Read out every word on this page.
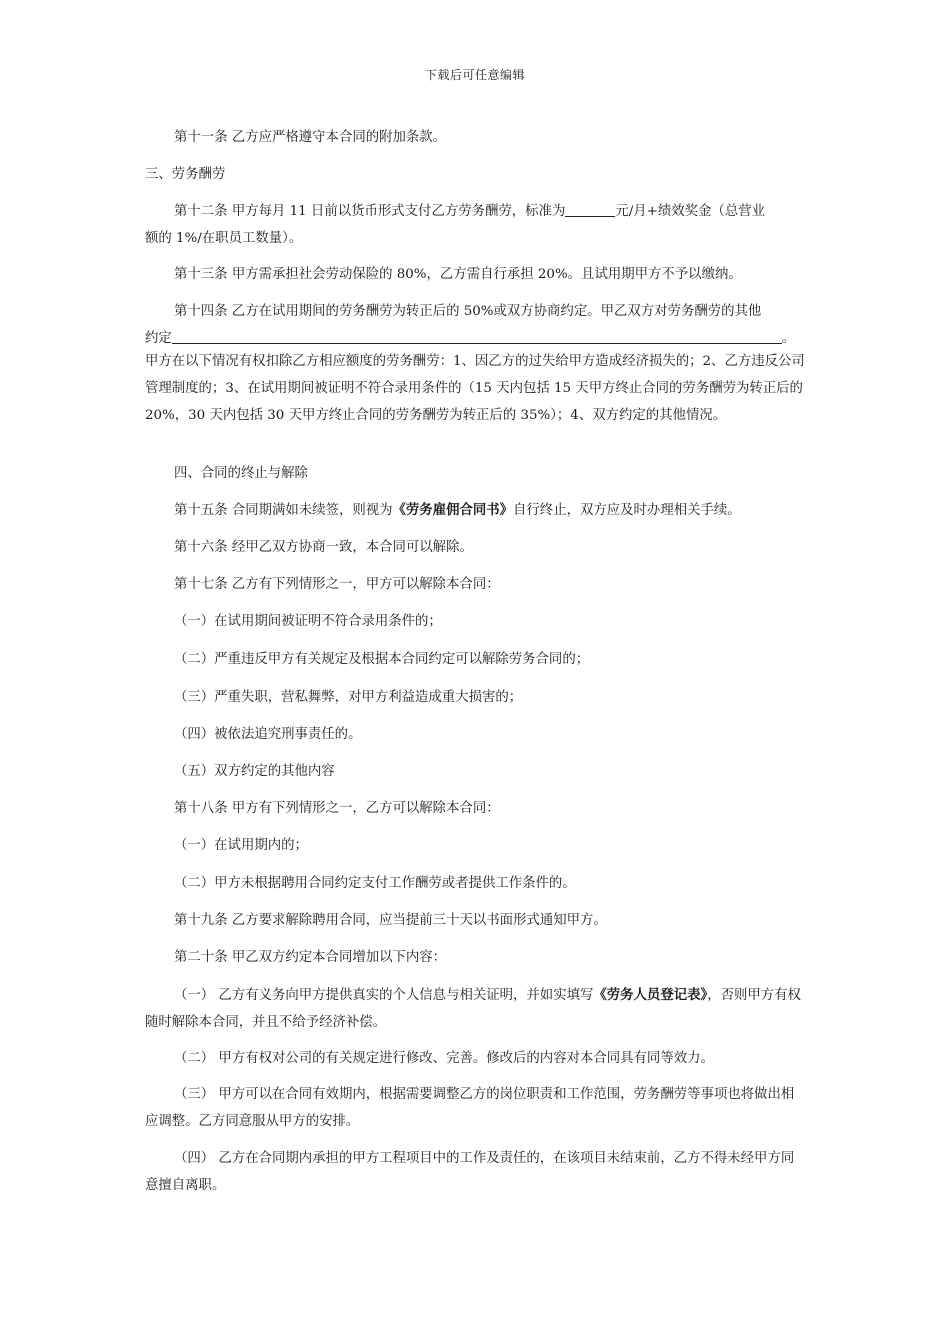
下载后可任意编辑
第十一条 乙方应严格遵守本合同的附加条款。
三、劳务酬劳
第十二条 甲方每月 11 日前以货币形式支付乙方劳务酬劳，标准为	元/月+绩效奖金（总营业
额的 1%/在职员工数量）。
第十三条 甲方需承担社会劳动保险的 80%，乙方需自行承担 20%。且试用期甲方不予以缴纳。
第十四条 乙方在试用期间的劳务酬劳为转正后的 50%或双方协商约定。甲乙双方对劳务酬劳的其他
约定	。
甲方在以下情况有权扣除乙方相应额度的劳务酬劳：1、因乙方的过失给甲方造成经济损失的；2、乙方违反公司管理制度的；3、在试用期间被证明不符合录用条件的（15 天内包括 15 天甲方终止合同的劳务酬劳为转正后的 20%，30 天内包括 30 天甲方终止合同的劳务酬劳为转正后的 35%）；4、双方约定的其他情况。
四、合同的终止与解除
第十五条 合同期满如未续签，则视为《劳务雇佣合同书》自行终止，双方应及时办理相关手续。
第十六条 经甲乙双方协商一致，本合同可以解除。
第十七条 乙方有下列情形之一，甲方可以解除本合同：
（一）在试用期间被证明不符合录用条件的；
（二）严重违反甲方有关规定及根据本合同约定可以解除劳务合同的；
（三）严重失职，营私舞弊，对甲方利益造成重大损害的；
（四）被依法追究刑事责任的。
（五）双方约定的其他内容
第十八条 甲方有下列情形之一，乙方可以解除本合同：
（一）在试用期内的；
（二）甲方未根据聘用合同约定支付工作酬劳或者提供工作条件的。
第十九条 乙方要求解除聘用合同，应当提前三十天以书面形式通知甲方。
第二十条 甲乙双方约定本合同增加以下内容：
（一） 乙方有义务向甲方提供真实的个人信息与相关证明，并如实填写《劳务人员登记表》，否则甲方有权随时解除本合同，并且不给予经济补偿。
（二） 甲方有权对公司的有关规定进行修改、完善。修改后的内容对本合同具有同等效力。
（三） 甲方可以在合同有效期内，根据需要调整乙方的岗位职责和工作范围，劳务酬劳等事项也将做出相应调整。乙方同意服从甲方的安排。
（四） 乙方在合同期内承担的甲方工程项目中的工作及责任的，在该项目未结束前，乙方不得未经甲方同意擅自离职。
